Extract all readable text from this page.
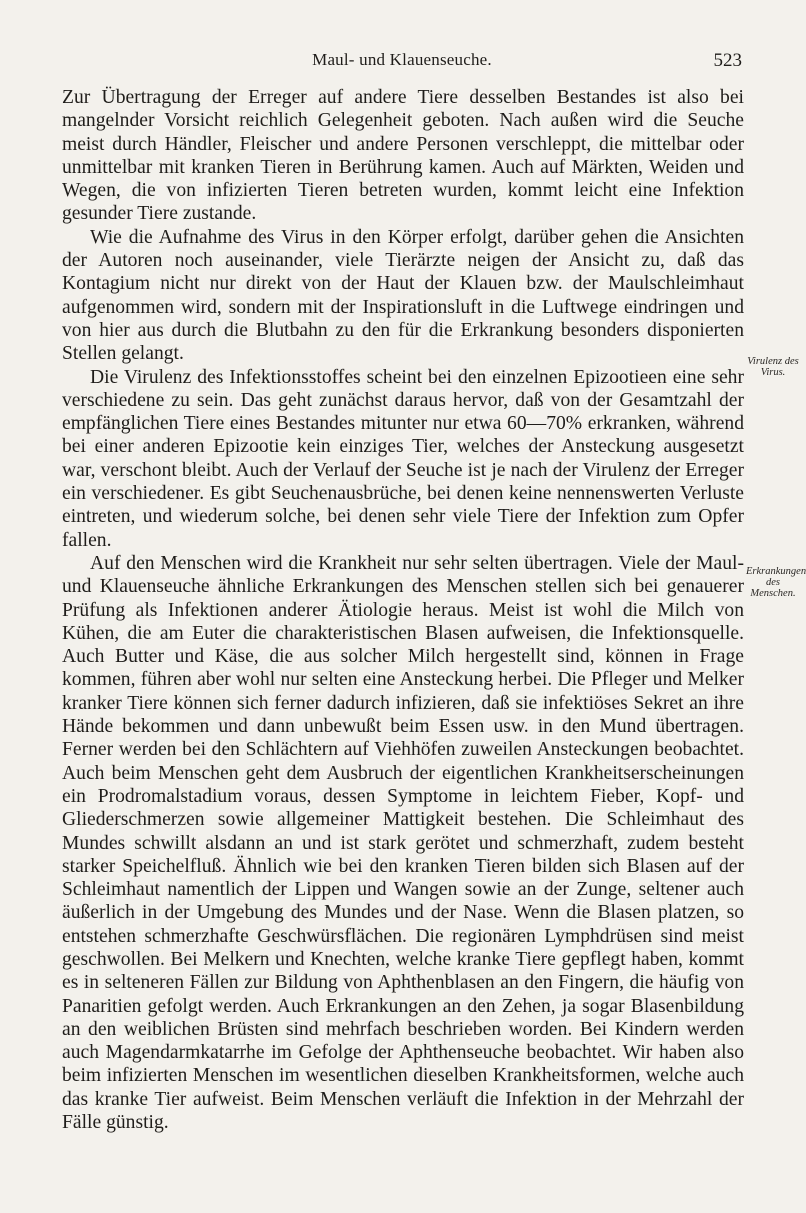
Maul- und Klauenseuche.	523

Zur Übertragung der Erreger auf andere Tiere desselben Bestandes ist also bei mangelnder Vorsicht reichlich Gelegenheit geboten. Nach außen wird die Seuche meist durch Händler, Fleischer und andere Personen verschleppt, die mittelbar oder unmittelbar mit kranken Tieren in Berührung kamen. Auch auf Märkten, Weiden und Wegen, die von infizierten Tieren betreten wurden, kommt leicht eine Infektion gesunder Tiere zustande.

Wie die Aufnahme des Virus in den Körper erfolgt, darüber gehen die Ansichten der Autoren noch auseinander, viele Tierärzte neigen der Ansicht zu, daß das Kontagium nicht nur direkt von der Haut der Klauen bzw. der Maulschleimhaut aufgenommen wird, sondern mit der Inspirationsluft in die Luftwege eindringen und von hier aus durch die Blutbahn zu den für die Erkrankung besonders disponierten Stellen gelangt.

Die Virulenz des Infektionsstoffes scheint bei den einzelnen Epizootieen eine sehr verschiedene zu sein. Das geht zunächst daraus hervor, daß von der Gesamtzahl der empfänglichen Tiere eines Bestandes mitunter nur etwa 60—70% erkranken, während bei einer anderen Epizootie kein einziges Tier, welches der Ansteckung ausgesetzt war, verschont bleibt. Auch der Verlauf der Seuche ist je nach der Virulenz der Erreger ein verschiedener. Es gibt Seuchenausbrüche, bei denen keine nennenswerten Verluste eintreten, und wiederum solche, bei denen sehr viele Tiere der Infektion zum Opfer fallen.

Auf den Menschen wird die Krankheit nur sehr selten übertragen. Viele der Maul- und Klauenseuche ähnliche Erkrankungen des Menschen stellen sich bei genauerer Prüfung als Infektionen anderer Ätiologie heraus. Meist ist wohl die Milch von Kühen, die am Euter die charakteristischen Blasen aufweisen, die Infektionsquelle. Auch Butter und Käse, die aus solcher Milch hergestellt sind, können in Frage kommen, führen aber wohl nur selten eine Ansteckung herbei. Die Pfleger und Melker kranker Tiere können sich ferner dadurch infizieren, daß sie infektiöses Sekret an ihre Hände bekommen und dann unbewußt beim Essen usw. in den Mund übertragen. Ferner werden bei den Schlächtern auf Viehhöfen zuweilen Ansteckungen beobachtet. Auch beim Menschen geht dem Ausbruch der eigentlichen Krankheitserscheinungen ein Prodromalstadium voraus, dessen Symptome in leichtem Fieber, Kopf- und Gliederschmerzen sowie allgemeiner Mattigkeit bestehen. Die Schleimhaut des Mundes schwillt alsdann an und ist stark gerötet und schmerzhaft, zudem besteht starker Speichelfluß. Ähnlich wie bei den kranken Tieren bilden sich Blasen auf der Schleimhaut namentlich der Lippen und Wangen sowie an der Zunge, seltener auch äußerlich in der Umgebung des Mundes und der Nase. Wenn die Blasen platzen, so entstehen schmerzhafte Geschwürsflächen. Die regionären Lymphdrüsen sind meist geschwollen. Bei Melkern und Knechten, welche kranke Tiere gepflegt haben, kommt es in selteneren Fällen zur Bildung von Aphthenblasen an den Fingern, die häufig von Panaritien gefolgt werden. Auch Erkrankungen an den Zehen, ja sogar Blasenbildung an den weiblichen Brüsten sind mehrfach beschrieben worden. Bei Kindern werden auch Magendarmkatarrhe im Gefolge der Aphthenseuche beobachtet. Wir haben also beim infizierten Menschen im wesentlichen dieselben Krankheitsformen, welche auch das kranke Tier aufweist. Beim Menschen verläuft die Infektion in der Mehrzahl der Fälle günstig.

Virulenz des Virus.
Erkrankungen des Menschen.
